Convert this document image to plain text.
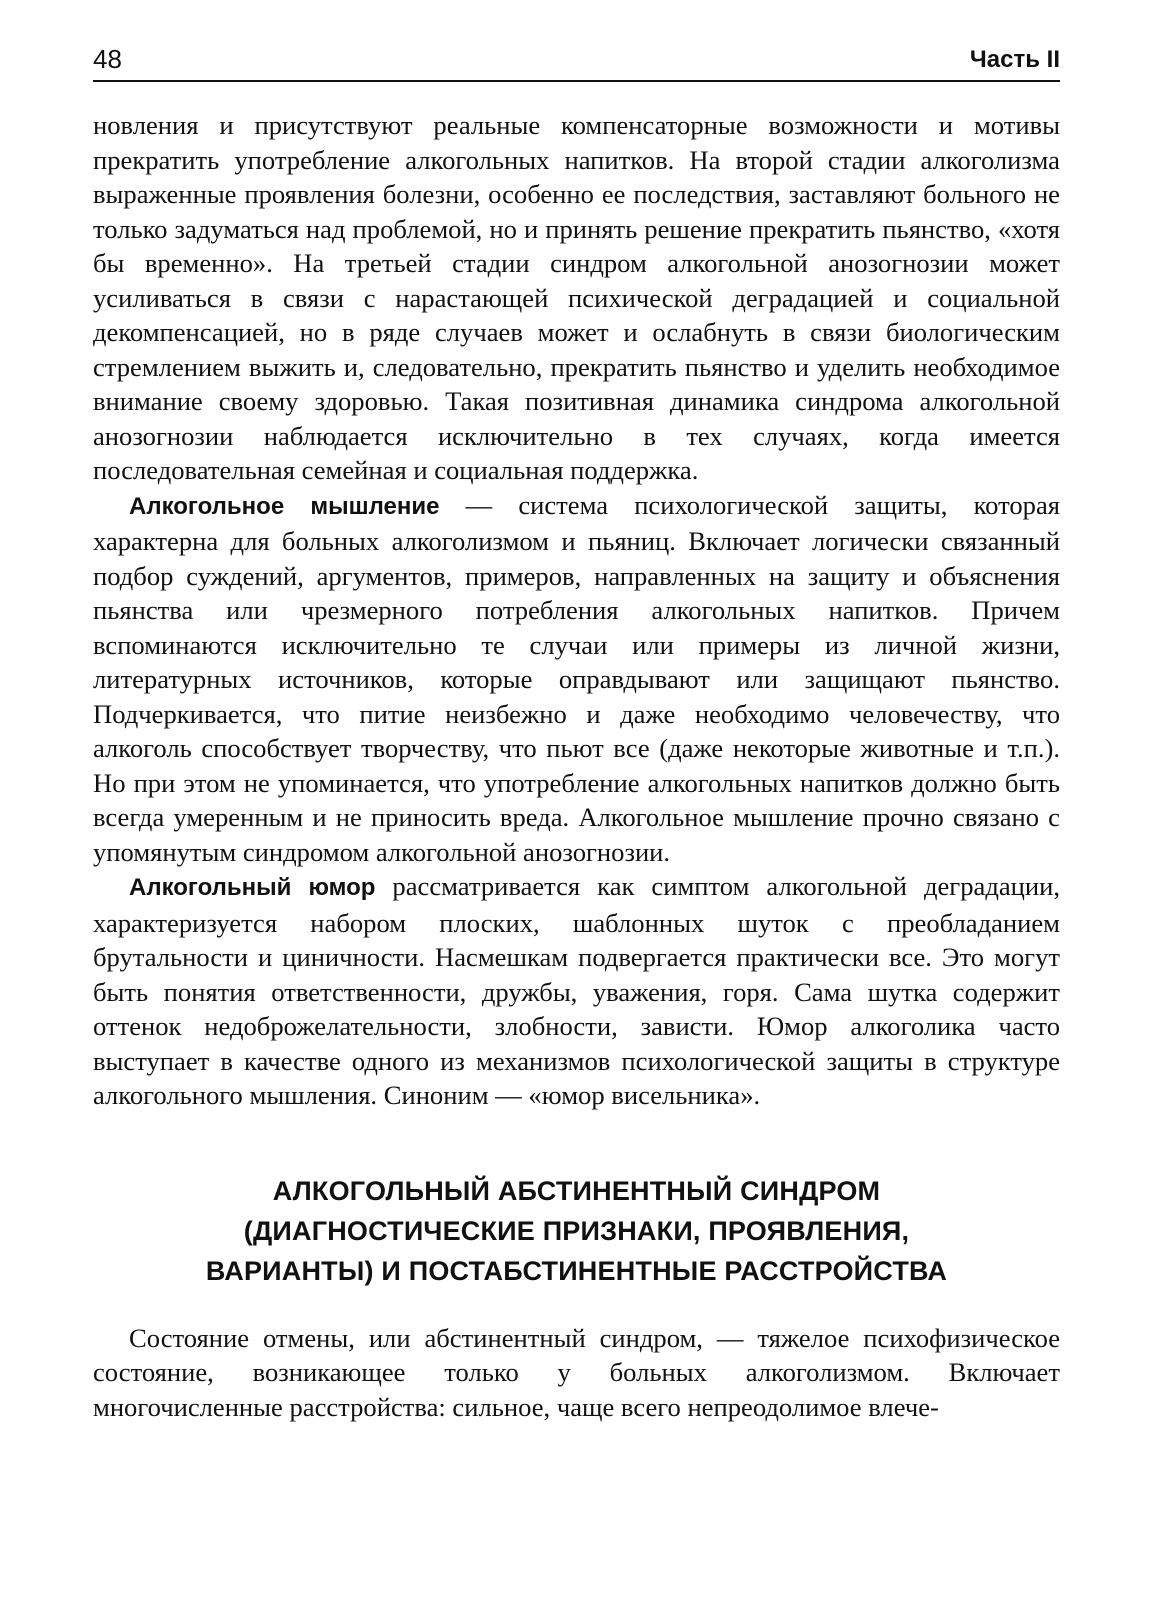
48	Часть II

новления и присутствуют реальные компенсаторные возможности и мотивы прекратить употребление алкогольных напитков. На второй стадии алкоголизма выраженные проявления болезни, особенно ее последствия, заставляют больного не только задуматься над проблемой, но и принять решение прекратить пьянство, «хотя бы временно». На третьей стадии синдром алкогольной анозогнозии может усиливаться в связи с нарастающей психической деградацией и социальной декомпенсацией, но в ряде случаев может и ослабнуть в связи биологическим стремлением выжить и, следовательно, прекратить пьянство и уделить необходимое внимание своему здоровью. Такая позитивная динамика синдрома алкогольной анозогнозии наблюдается исключительно в тех случаях, когда имеется последовательная семейная и социальная поддержка.

Алкогольное мышление — система психологической защиты, которая характерна для больных алкоголизмом и пьяниц. Включает логически связанный подбор суждений, аргументов, примеров, направленных на защиту и объяснения пьянства или чрезмерного потребления алкогольных напитков. Причем вспоминаются исключительно те случаи или примеры из личной жизни, литературных источников, которые оправдывают или защищают пьянство. Подчеркивается, что питие неизбежно и даже необходимо человечеству, что алкоголь способствует творчеству, что пьют все (даже некоторые животные и т.п.). Но при этом не упоминается, что употребление алкогольных напитков должно быть всегда умеренным и не приносить вреда. Алкогольное мышление прочно связано с упомянутым синдромом алкогольной анозогнозии.

Алкогольный юмор рассматривается как симптом алкогольной деградации, характеризуется набором плоских, шаблонных шуток с преобладанием брутальности и циничности. Насмешкам подвергается практически все. Это могут быть понятия ответственности, дружбы, уважения, горя. Сама шутка содержит оттенок недоброжелательности, злобности, зависти. Юмор алкоголика часто выступает в качестве одного из механизмов психологической защиты в структуре алкогольного мышления. Синоним — «юмор висельника».

АЛКОГОЛЬНЫЙ АБСТИНЕНТНЫЙ СИНДРОМ
(ДИАГНОСТИЧЕСКИЕ ПРИЗНАКИ, ПРОЯВЛЕНИЯ,
ВАРИАНТЫ) И ПОСТАБСТИНЕНТНЫЕ РАССТРОЙСТВА

Состояние отмены, или абстинентный синдром, — тяжелое психофизическое состояние, возникающее только у больных алкоголизмом. Включает многочисленные расстройства: сильное, чаще всего непреодолимое влече-
